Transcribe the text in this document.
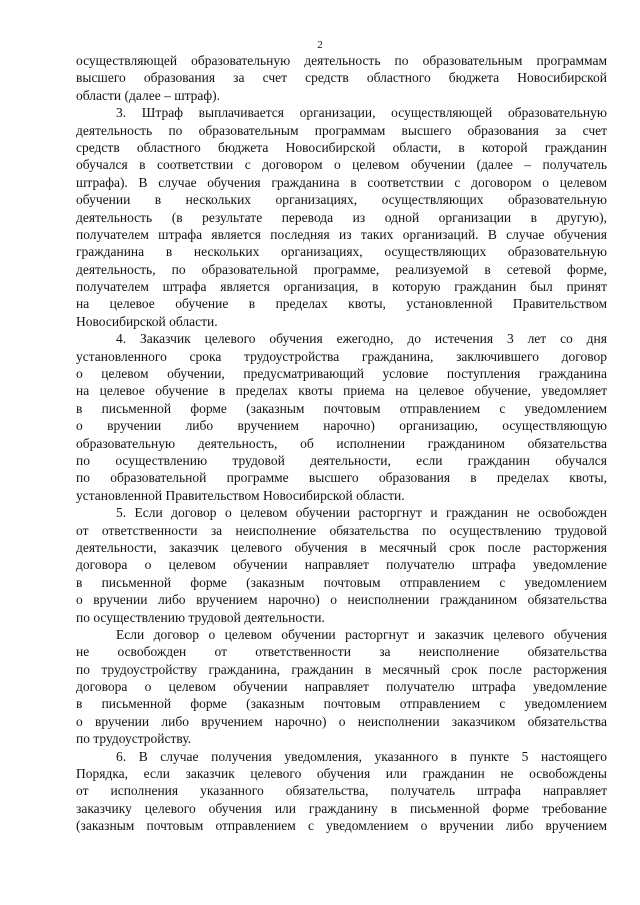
2
осуществляющей образовательную деятельность по образовательным программам
высшего образования за счет средств областного бюджета Новосибирской
области (далее – штраф).
3. Штраф выплачивается организации, осуществляющей образовательную
деятельность по образовательным программам высшего образования за счет
средств областного бюджета Новосибирской области, в которой гражданин
обучался в соответствии с договором о целевом обучении (далее – получатель
штрафа). В случае обучения гражданина в соответствии с договором о целевом
обучении в нескольких организациях, осуществляющих образовательную
деятельность (в результате перевода из одной организации в другую),
получателем штрафа является последняя из таких организаций. В случае обучения
гражданина в нескольких организациях, осуществляющих образовательную
деятельность, по образовательной программе, реализуемой в сетевой форме,
получателем штрафа является организация, в которую гражданин был принят
на целевое обучение в пределах квоты, установленной Правительством
Новосибирской области.
4. Заказчик целевого обучения ежегодно, до истечения 3 лет со дня
установленного срока трудоустройства гражданина, заключившего договор
о целевом обучении, предусматривающий условие поступления гражданина
на целевое обучение в пределах квоты приема на целевое обучение, уведомляет
в письменной форме (заказным почтовым отправлением с уведомлением
о вручении либо вручением нарочно) организацию, осуществляющую
образовательную деятельность, об исполнении гражданином обязательства
по осуществлению трудовой деятельности, если гражданин обучался
по образовательной программе высшего образования в пределах квоты,
установленной Правительством Новосибирской области.
5. Если договор о целевом обучении расторгнут и гражданин не освобожден
от ответственности за неисполнение обязательства по осуществлению трудовой
деятельности, заказчик целевого обучения в месячный срок после расторжения
договора о целевом обучении направляет получателю штрафа уведомление
в письменной форме (заказным почтовым отправлением с уведомлением
о вручении либо вручением нарочно) о неисполнении гражданином обязательства
по осуществлению трудовой деятельности.
Если договор о целевом обучении расторгнут и заказчик целевого обучения
не освобожден от ответственности за неисполнение обязательства
по трудоустройству гражданина, гражданин в месячный срок после расторжения
договора о целевом обучении направляет получателю штрафа уведомление
в письменной форме (заказным почтовым отправлением с уведомлением
о вручении либо вручением нарочно) о неисполнении заказчиком обязательства
по трудоустройству.
6. В случае получения уведомления, указанного в пункте 5 настоящего
Порядка, если заказчик целевого обучения или гражданин не освобождены
от исполнения указанного обязательства, получатель штрафа направляет
заказчику целевого обучения или гражданину в письменной форме требование
(заказным почтовым отправлением с уведомлением о вручении либо вручением
